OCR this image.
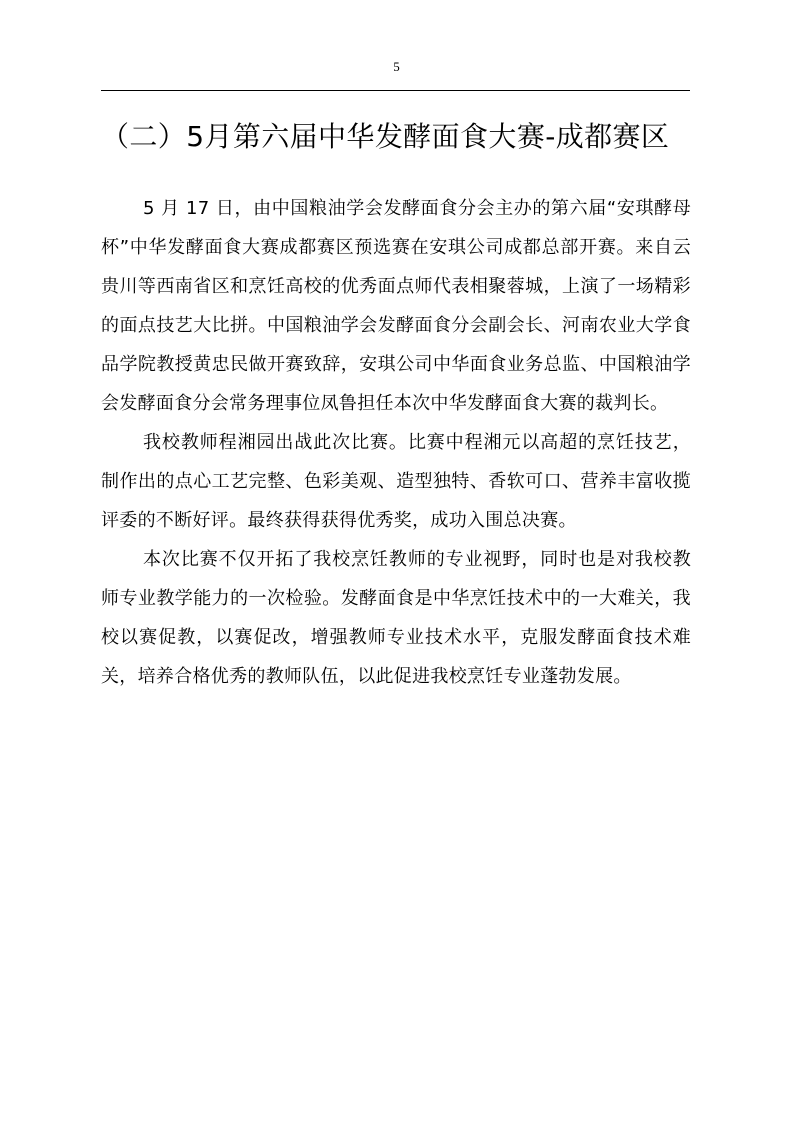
5
（二）5月第六届中华发酵面食大赛-成都赛区

5 月 17 日，由中国粮油学会发酵面食分会主办的第六届“安琪酵母杯”中华发酵面食大赛成都赛区预选赛在安琪公司成都总部开赛。来自云贵川等西南省区和烹饪高校的优秀面点师代表相聚蓉城，上演了一场精彩的面点技艺大比拼。中国粮油学会发酵面食分会副会长、河南农业大学食品学院教授黄忠民做开赛致辞，安琪公司中华面食业务总监、中国粮油学会发酵面食分会常务理事位凤鲁担任本次中华发酵面食大赛的裁判长。

我校教师程湘园出战此次比赛。比赛中程湘元以高超的烹饪技艺，制作出的点心工艺完整、色彩美观、造型独特、香软可口、营养丰富收揽评委的不断好评。最终获得获得优秀奖，成功入围总决赛。

本次比赛不仅开拓了我校烹饪教师的专业视野，同时也是对我校教师专业教学能力的一次检验。发酵面食是中华烹饪技术中的一大难关，我校以赛促教，以赛促改，增强教师专业技术水平，克服发酵面食技术难关，培养合格优秀的教师队伍，以此促进我校烹饪专业蓬勃发展。
